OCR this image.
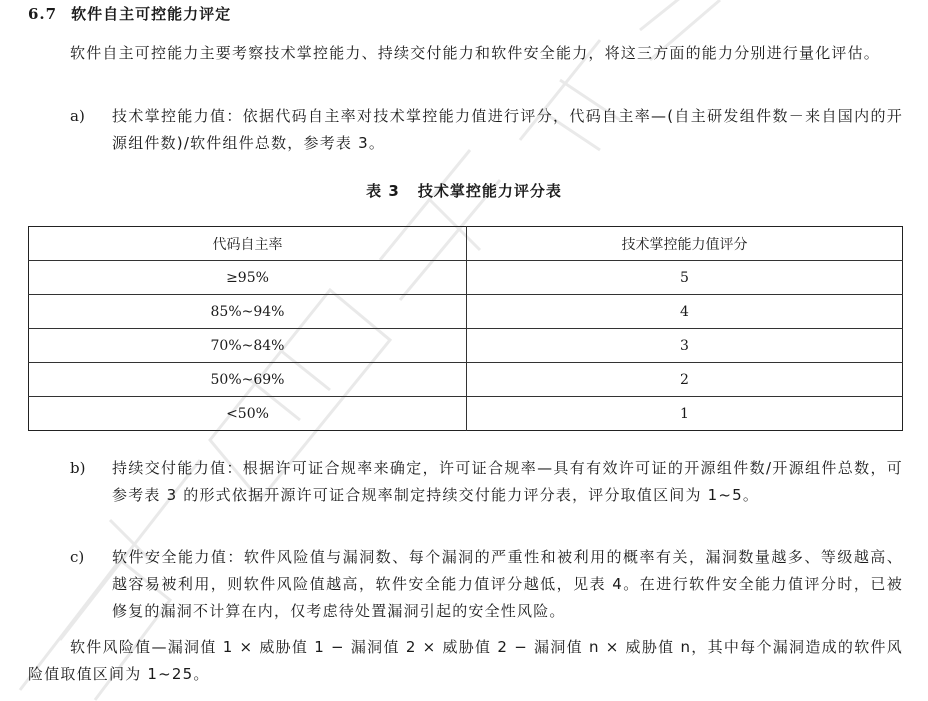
6.7 软件自主可控能力评定
软件自主可控能力主要考察技术掌控能力、持续交付能力和软件安全能力，将这三方面的能力分别进行量化评估。
a) 技术掌控能力值：依据代码自主率对技术掌控能力值进行评分，代码自主率—(自主研发组件数－来自国内的开源组件数)/软件组件总数，参考表 3。
表 3 技术掌控能力评分表
代码自主率	技术掌控能力值评分
≥95%	5
85%~94%	4
70%~84%	3
50%~69%	2
<50%	1
b) 持续交付能力值：根据许可证合规率来确定，许可证合规率—具有有效许可证的开源组件数/开源组件总数，可参考表 3 的形式依据开源许可证合规率制定持续交付能力评分表，评分取值区间为 1~5。
c) 软件安全能力值：软件风险值与漏洞数、每个漏洞的严重性和被利用的概率有关，漏洞数量越多、等级越高、越容易被利用，则软件风险值越高，软件安全能力值评分越低，见表 4。在进行软件安全能力值评分时，已被修复的漏洞不计算在内，仅考虑待处置漏洞引起的安全性风险。
软件风险值—漏洞值 1 × 威胁值 1 − 漏洞值 2 × 威胁值 2 − 漏洞值 n × 威胁值 n，其中每个漏洞造成的软件风险值取值区间为 1~25。
